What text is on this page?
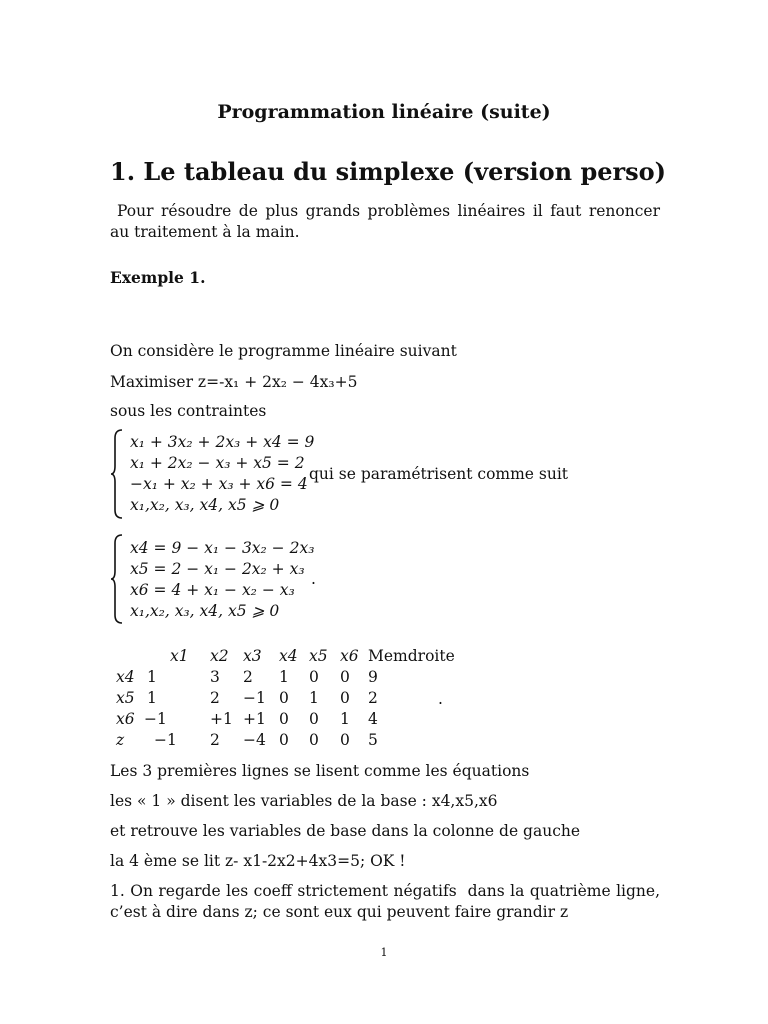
Programmation linéaire (suite)
1. Le tableau du simplexe (version perso)
Pour résoudre de plus grands problèmes linéaires il faut renoncer au traitement à la main.
Exemple 1.
On considère le programme linéaire suivant
Maximiser z=-x₁ + 2x₂ − 4x₃+5
sous les contraintes
x₁ + 3x₂ + 2x₃ + x4 = 9
x₁ + 2x₂ − x₃ + x5 = 2
−x₁ + x₂ + x₃ + x6 = 4
x₁,x₂, x₃, x4, x5 ⩾ 0
qui se paramétrisent comme suit
x4 = 9 − x₁ − 3x₂ − 2x₃
x5 = 2 − x₁ − 2x₂ + x₃
x6 = 4 + x₁ − x₂ − x₃
x₁,x₂, x₃, x4, x5 ⩾ 0
.
	x1	x2	x3	x4	x5	x6	Memdroite
x4	1	3	2	1	0	0	9
x5	1	2	−1	0	1	0	2
x6	−1	+1	+1	0	0	1	4
z	−1	2	−4	0	0	0	5
.
Les 3 premières lignes se lisent comme les équations
les « 1 » disent les variables de la base : x4,x5,x6
et retrouve les variables de base dans la colonne de gauche
la 4 ème se lit z- x1-2x2+4x3=5; OK !
1. On regarde les coeff strictement négatifs  dans la quatrième ligne, c’est à dire dans z; ce sont eux qui peuvent faire grandir z
1
